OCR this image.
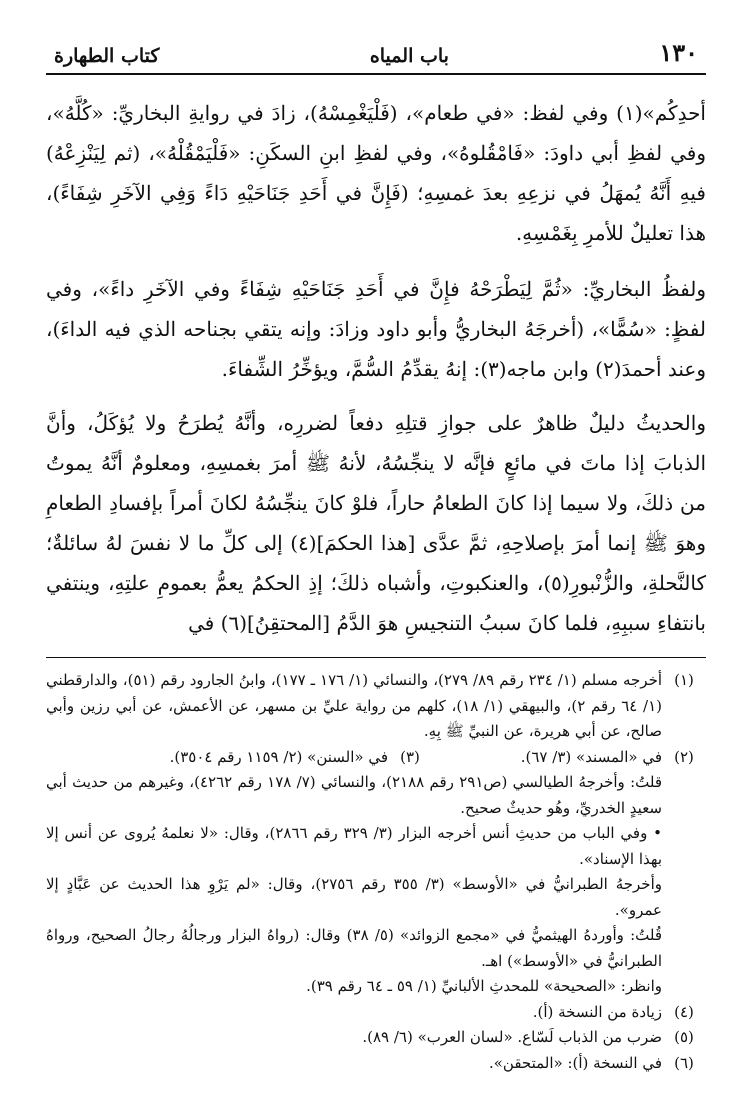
كتاب الطهارة	باب المياه	١٣٠

أحدِكُم»(١) وفي لفظ: «في طعام»، (فَلْيَغْمِسْهُ)، زادَ في روايةِ البخاريِّ: «كُلَّهُ»، وفي لفظِ أبي داودَ: «فَامْقُلوهُ»، وفي لفظِ ابنِ السكَنِ: «فَلْيَمْقُلْهُ»، (ثم لِيَنْزِعْهُ) فيهِ أَنَّهُ يُمهَلُ في نزعِهِ بعدَ غمسِهِ؛ (فَإِنَّ في أَحَدِ جَنَاحَيْهِ دَاءً وَفِي الآخَرِ شِفَاءً)، هذا تعليلٌ للأمرِ بِغَمْسِهِ.

ولفظُ البخاريِّ: «ثُمَّ لِيَطْرَحْهُ فإِنَّ في أَحَدِ جَنَاحَيْهِ شِفَاءً وفي الآخَرِ داءً»، وفي لفظٍ: «سُمًّا»، (أخرجَهُ البخاريُّ وأبو داود وزادَ: وإنه يتقي بجناحه الذي فيه الداءَ)، وعند أحمدَ(٢) وابن ماجه(٣): إنهُ يقدِّمُ السُّمَّ، ويؤخِّرُ الشِّفاءَ.

والحديثُ دليلٌ ظاهرٌ على جوازِ قتلِهِ دفعاً لضررِه، وأنَّهُ يُطرَحُ ولا يُؤكَلُ، وأنَّ الذبابَ إذا ماتَ في مائعٍ فإنَّه لا ينجِّسُهُ، لأنهُ ﷺ أمرَ بغمسِهِ، ومعلومٌ أنَّهُ يموتُ من ذلكَ، ولا سيما إذا كانَ الطعامُ حاراً، فلوْ كانَ ينجِّسُهُ لكانَ أمراً بإفسادِ الطعامِ وهوَ ﷺ إنما أمرَ بإصلاحِهِ، ثمَّ عدَّى [هذا الحكمَ](٤) إلى كلِّ ما لا نفسَ لهُ سائلةٌ؛ كالنَّحلةِ، والزُّنْبورِ(٥)، والعنكبوتِ، وأشباه ذلكَ؛ إذِ الحكمُ يعمُّ بعمومِ علتِهِ، وينتفي بانتفاءِ سببِهِ، فلما كانَ سببُ التنجيسِ هوَ الدَّمُ [المحتقِنُ](٦) في

(١)

أخرجه مسلم (١/ ٢٣٤ رقم ٨٩/ ٢٧٩)، والنسائي (١/ ١٧٦ ـ ١٧٧)، وابنُ الجارود رقم (٥١)، والدارقطني (١/ ٦٤ رقم ٢)، والبيهقي (١/ ١٨)، كلهم من رواية عليِّ بن مسهر، عن الأعمش، عن أبي رزين وأبي صالح، عن أبي هريرة، عن النبيِّ ﷺ بِهِ.

(٢)
في «المسند» (٣/ ٦٧).
(٣)
في «السنن» (٢/ ١١٥٩ رقم ٣٥٠٤).

قلتُ: وأخرجهُ الطيالسي (ص٢٩١ رقم ٢١٨٨)، والنسائي (٧/ ١٧٨ رقم ٤٢٦٢)، وغيرهم من حديث أبي سعيدٍ الخدريِّ، وهُو حديثٌ صحيح.

• وفي الباب من حديثِ أنس أخرجه البزار (٣/ ٣٢٩ رقم ٢٨٦٦)، وقال: «لا نعلمهُ يُروى عن أنس إلا بهذا الإسناد».

وأخرجهُ الطبرانيُّ في «الأوسط» (٣/ ٣٥٥ رقم ٢٧٥٦)، وقال: «لم يَرْوِ هذا الحديث عن عَبَّادٍ إلا عمرو».

قُلتُ: وأوردهُ الهيثميُّ في «مجمع الزوائد» (٥/ ٣٨) وقال: (رواهُ البزار ورجالُهُ رجالُ الصحيح، ورواهُ الطبرانيُّ في «الأوسط») اهـ.

وانظر: «الصحيحة» للمحدثِ الألبانيِّ (١/ ٥٩ ـ ٦٤ رقم ٣٩).

(٤)

زيادة من النسخة (أ).

(٥)

ضرب من الذباب لَسّاع. «لسان العرب» (٦/ ٨٩).

(٦)

في النسخة (أ): «المتحقن».
